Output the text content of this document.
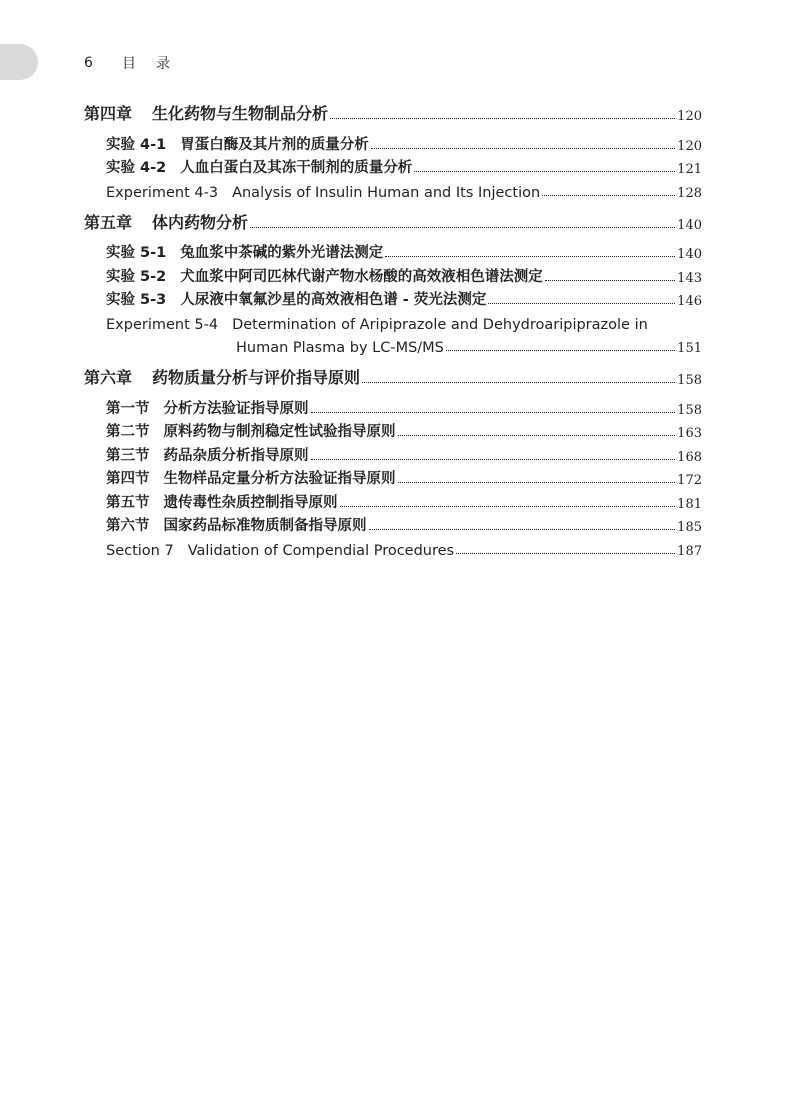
6	目录
第四章 生化药物与生物制品分析	120
实验 4-1 胃蛋白酶及其片剂的质量分析	120
实验 4-2 人血白蛋白及其冻干制剂的质量分析	121
Experiment 4-3 Analysis of Insulin Human and Its Injection	128
第五章 体内药物分析	140
实验 5-1 兔血浆中茶碱的紫外光谱法测定	140
实验 5-2 犬血浆中阿司匹林代谢产物水杨酸的高效液相色谱法测定	143
实验 5-3 人尿液中氧氟沙星的高效液相色谱 - 荧光法测定	146
Experiment 5-4 Determination of Aripiprazole and Dehydroaripiprazole in
Human Plasma by LC-MS/MS	151
第六章 药物质量分析与评价指导原则	158
第一节 分析方法验证指导原则	158
第二节 原料药物与制剂稳定性试验指导原则	163
第三节 药品杂质分析指导原则	168
第四节 生物样品定量分析方法验证指导原则	172
第五节 遗传毒性杂质控制指导原则	181
第六节 国家药品标准物质制备指导原则	185
Section 7 Validation of Compendial Procedures	187
